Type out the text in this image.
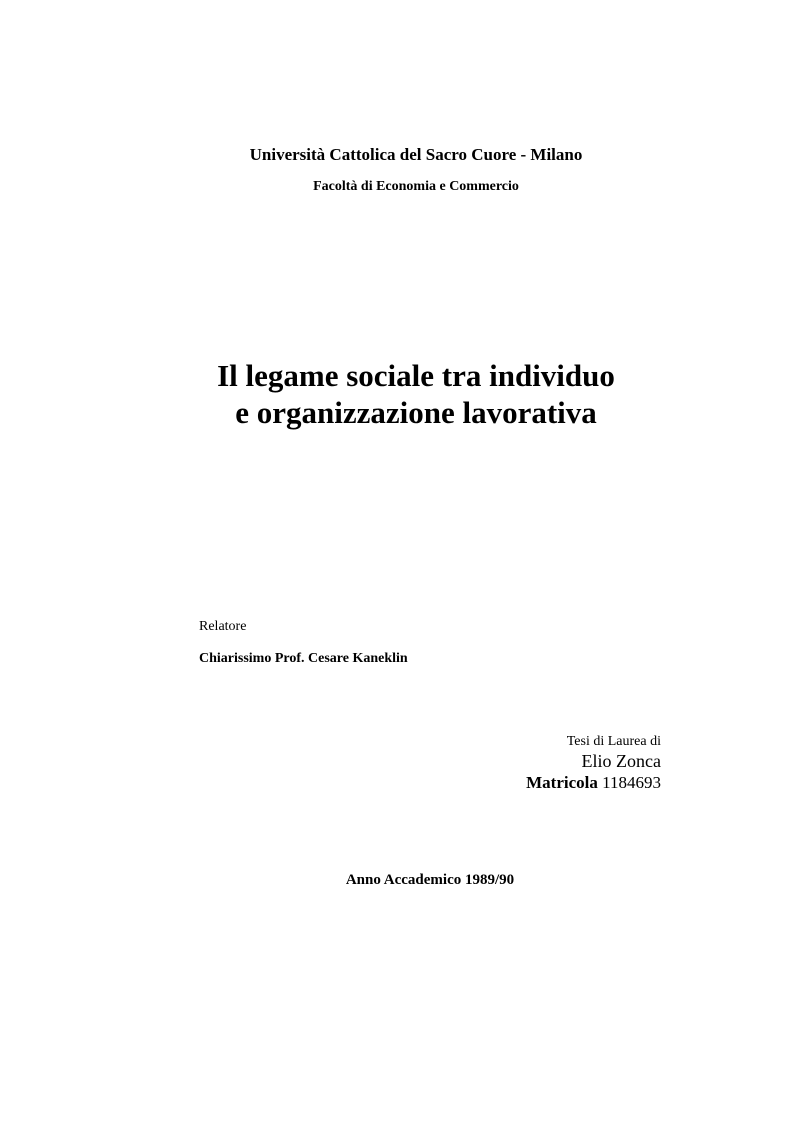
Università Cattolica del Sacro Cuore - Milano
Facoltà di Economia e Commercio
Il legame sociale tra individuo
e organizzazione lavorativa
Relatore
Chiarissimo Prof. Cesare Kaneklin
Tesi di Laurea di
Elio Zonca
Matricola 1184693
Anno Accademico 1989/90
